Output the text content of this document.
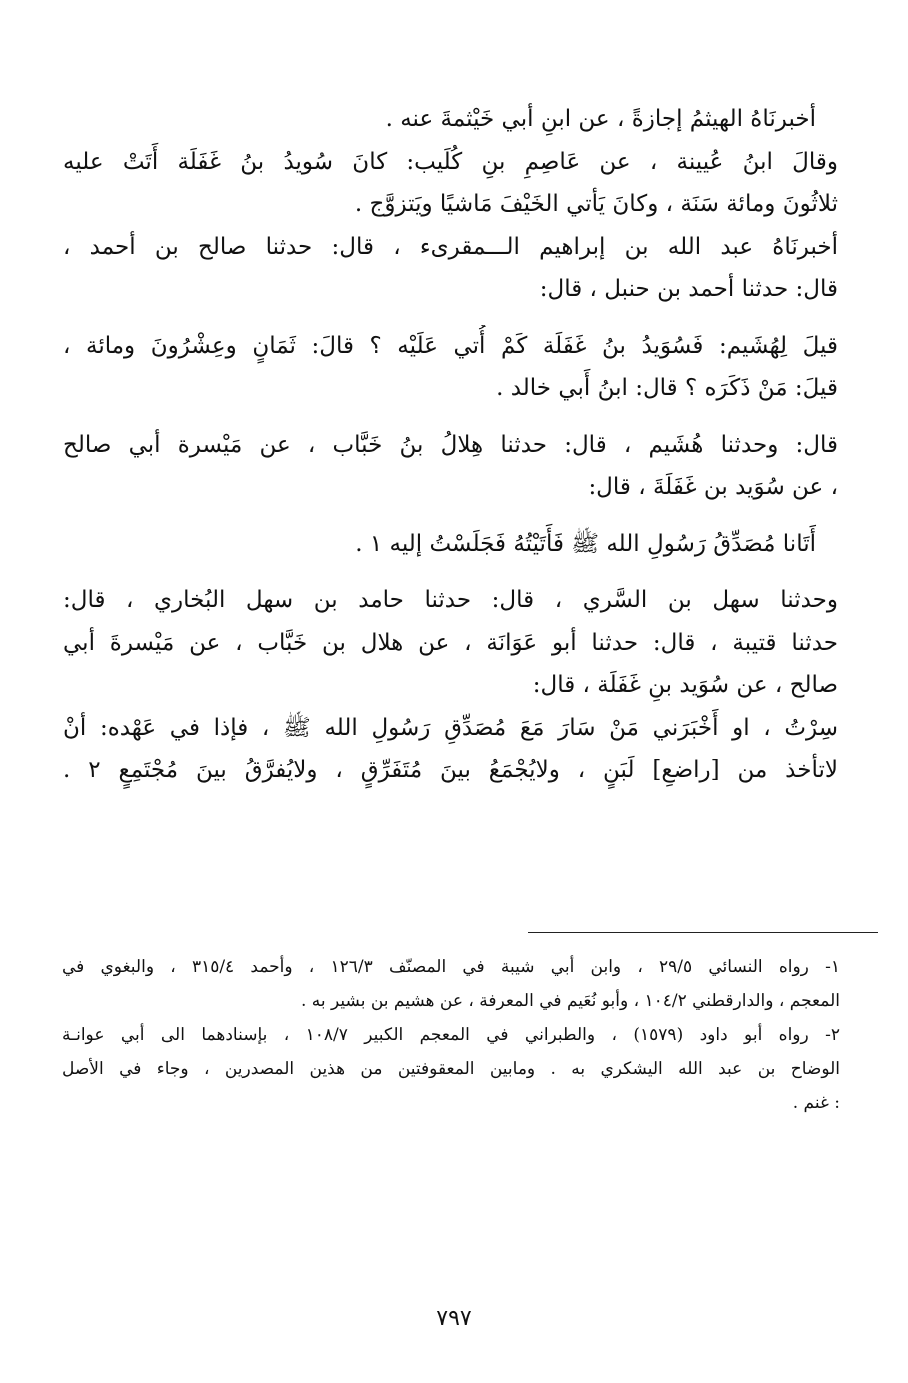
أخبرنَاهُ الهيثمُ إجازةً ، عن ابنِ أبي خَيْثمةَ عنه .
وقالَ ابنُ عُيينة ، عن عَاصِمِ بنِ كُلَيب: كانَ سُويدُ بنُ غَفَلَة أَتَتْ عليه
ثلاثُونَ ومائة سَنَة ، وكانَ يَأتي الخَيْفَ مَاشيًا ويَتزوَّج .
أخبرنَاهُ عبد الله بن إبراهيم الـــمقرىء ، قال: حدثنا صالح بن أحمد ،
قال: حدثنا أحمد بن حنبل ، قال:
قيلَ لِهُشَيم: فَسُوَيدُ بنُ غَفَلَة كَمْ أُتي عَلَيْه ؟ قالَ: ثَمَانٍ وعِشْرُونَ ومائة ،
قيلَ: مَنْ ذَكَرَه ؟ قال: ابنُ أَبي خالد .
قال: وحدثنا هُشَيم ، قال: حدثنا هِلالُ بنُ خَبَّاب ، عن مَيْسرة أبي صالح
، عن سُوَيد بن غَفَلَةَ ، قال:
أَتَانا مُصَدِّقُ رَسُولِ الله ﷺ فَأَتَيْتُهُ فَجَلَسْتُ إليه ١ .
وحدثنا سهل بن السَّري ، قال: حدثنا حامد بن سهل البُخاري ، قال:
حدثنا قتيبة ، قال: حدثنا أبو عَوَانَة ، عن هلال بن خَبَّاب ، عن مَيْسرةَ أبي
صالح ، عن سُوَيد بنِ غَفَلَة ، قال:
سِرْتُ ، او أَخْبَرَني مَنْ سَارَ مَعَ مُصَدِّقِ رَسُولِ الله ﷺ ، فإذا في عَهْده: أنْ
لاتأخذ من [راضعِ] لَبَنٍ ، ولايُجْمَعُ بينَ مُتَفَرِّقٍ ، ولايُفرَّقُ بينَ مُجْتَمِعٍ ٢ .
١- رواه النسائي ٢٩/٥ ، وابن أبي شيبة في المصنّف ١٢٦/٣ ، وأحمد ٣١٥/٤ ، والبغوي في
المعجم ، والدارقطني ١٠٤/٢ ، وأبو نُعَيم في المعرفة ، عن هشيم بن بشير به .
٢- رواه أبو داود (١٥٧٩) ، والطبراني في المعجم الكبير ١٠٨/٧ ، بإسنادهما الى أبي عوانـة
الوضاح بن عبد الله اليشكري به . ومابين المعقوفتين من هذين المصدرين ، وجاء في الأصل
: غنم .
٧٩٧
